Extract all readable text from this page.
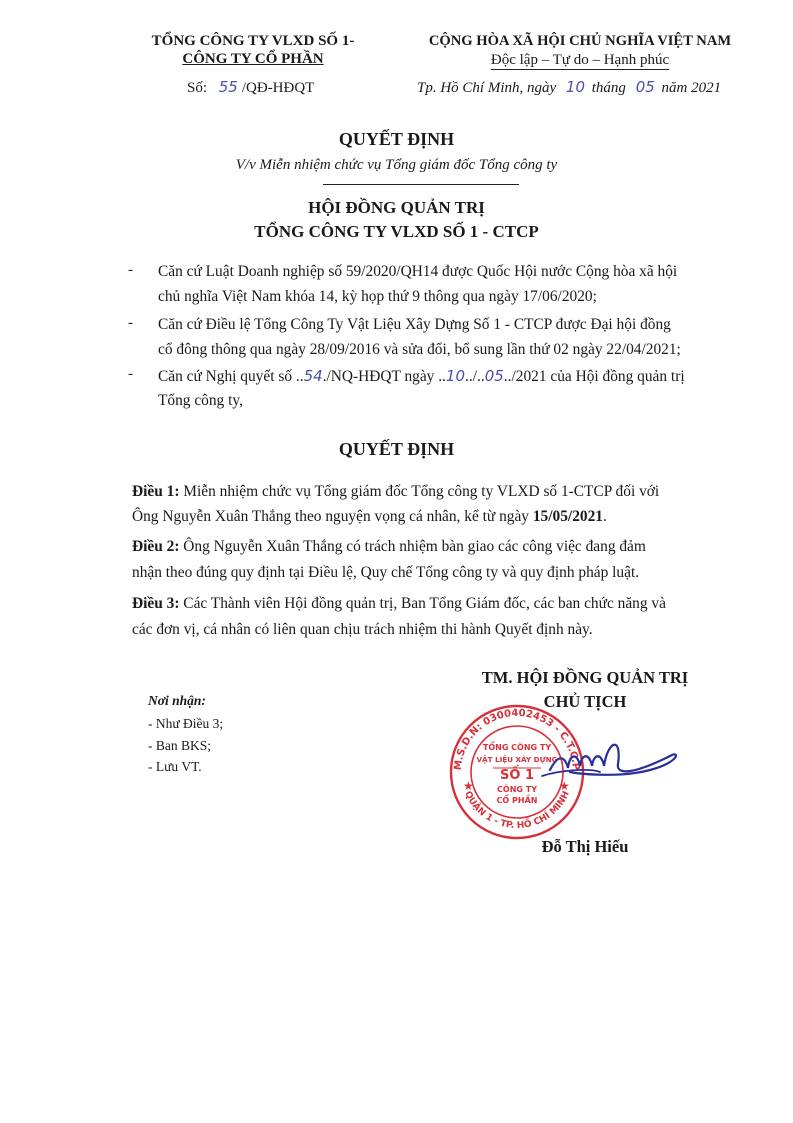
TỔNG CÔNG TY VLXD SỐ 1-
CÔNG TY CỔ PHẦN
Số: 55 /QĐ-HĐQT
CỘNG HÒA XÃ HỘI CHỦ NGHĨA VIỆT NAM
Độc lập – Tự do – Hạnh phúc
Tp. Hồ Chí Minh, ngày 10 tháng 05 năm 2021
QUYẾT ĐỊNH
V/v Miễn nhiệm chức vụ Tổng giám đốc Tổng công ty
HỘI ĐỒNG QUẢN TRỊ
TỔNG CÔNG TY VLXD SỐ 1 - CTCP
- Căn cứ Luật Doanh nghiệp số 59/2020/QH14 được Quốc Hội nước Cộng hòa xã hội
chủ nghĩa Việt Nam khóa 14, kỳ họp thứ 9 thông qua ngày 17/06/2020;
- Căn cứ Điều lệ Tổng Công Ty Vật Liệu Xây Dựng Số 1 - CTCP được Đại hội đồng
cổ đông thông qua ngày 28/09/2016 và sửa đổi, bổ sung lần thứ 02 ngày 22/04/2021;
- Căn cứ Nghị quyết số ..54./NQ-HĐQT ngày ..10../..05../2021 của Hội đồng quản trị
Tổng công ty,
QUYẾT ĐỊNH
Điều 1: Miễn nhiệm chức vụ Tổng giám đốc Tổng công ty VLXD số 1-CTCP đối với
Ông Nguyễn Xuân Thắng theo nguyện vọng cá nhân, kể từ ngày 15/05/2021.
Điều 2: Ông Nguyễn Xuân Thắng có trách nhiệm bàn giao các công việc đang đảm
nhận theo đúng quy định tại Điều lệ, Quy chế Tổng công ty và quy định pháp luật.
Điều 3: Các Thành viên Hội đồng quản trị, Ban Tổng Giám đốc, các ban chức năng và
các đơn vị, cá nhân có liên quan chịu trách nhiệm thi hành Quyết định này.
Nơi nhận:
- Như Điều 3;
- Ban BKS;
- Lưu VT.
TM. HỘI ĐỒNG QUẢN TRỊ
CHỦ TỊCH
M.S.D.N: 0300402453 - C.T.C.P
QUẬN 1 - TP. HỒ CHÍ MINH
★	★
TỔNG CÔNG TY
VẬT LIỆU XÂY DỰNG
SỐ 1
CÔNG TY
CỔ PHẦN
Đỗ Thị Hiếu
